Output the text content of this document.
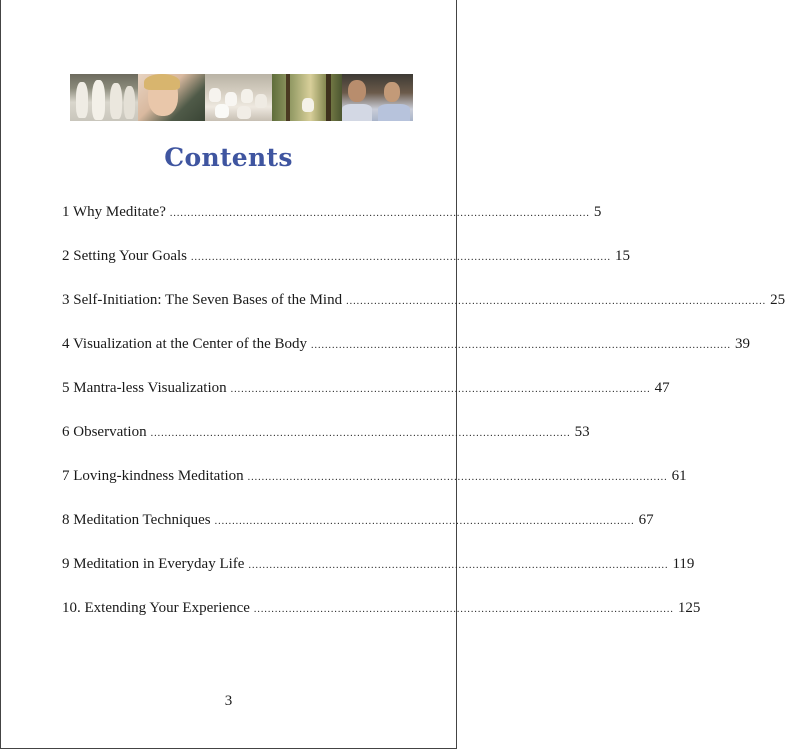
Contents
1 Why Meditate? ........................................................................................................................ 5
2 Setting Your Goals ........................................................................................................................ 15
3 Self-Initiation: The Seven Bases of the Mind ........................................................................................................................ 25
4 Visualization at the Center of the Body ........................................................................................................................ 39
5 Mantra-less Visualization ........................................................................................................................ 47
6 Observation ........................................................................................................................ 53
7 Loving-kindness Meditation ........................................................................................................................ 61
8 Meditation Techniques ........................................................................................................................ 67
9 Meditation in Everyday Life ........................................................................................................................ 119
10. Extending Your Experience ........................................................................................................................ 125
3
